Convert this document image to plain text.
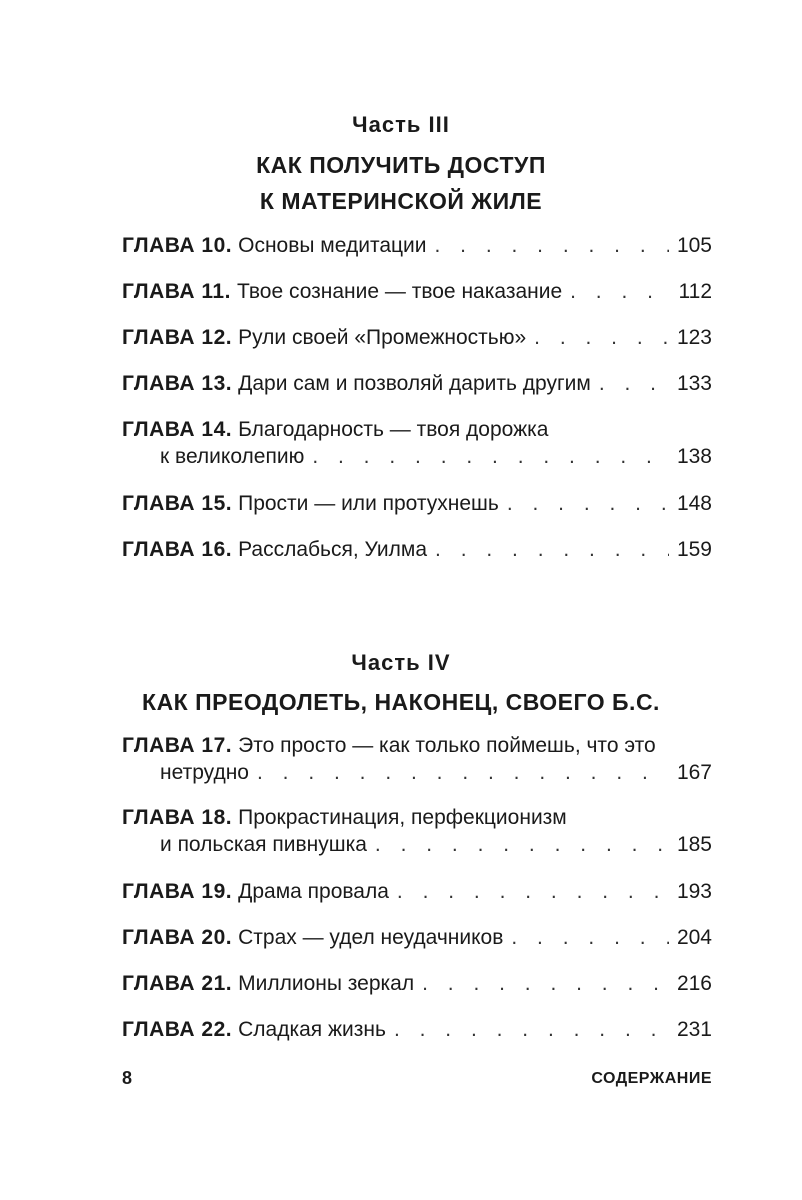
Часть III
КАК ПОЛУЧИТЬ ДОСТУП
К МАТЕРИНСКОЙ ЖИЛЕ
ГЛАВА 10. Основы медитации . . .	105
ГЛАВА 11. Твое сознание — твое наказание . . .	112
ГЛАВА 12. Рули своей «Промежностью» . . .	123
ГЛАВА 13. Дари сам и позволяй дарить другим . . .	133
ГЛАВА 14. Благодарность — твоя дорожка
к великолепию . . .	138
ГЛАВА 15. Прости — или протухнешь . . .	148
ГЛАВА 16. Расслабься, Уилма . . .	159
Часть IV
КАК ПРЕОДОЛЕТЬ, НАКОНЕЦ, СВОЕГО Б.С.
ГЛАВА 17. Это просто — как только поймешь, что это
нетрудно . . .	167
ГЛАВА 18. Прокрастинация, перфекционизм
и польская пивнушка . . .	185
ГЛАВА 19. Драма провала . . .	193
ГЛАВА 20. Страх — удел неудачников . . .	204
ГЛАВА 21. Миллионы зеркал . . .	216
ГЛАВА 22. Сладкая жизнь . . .	231
8	СОДЕРЖАНИЕ
